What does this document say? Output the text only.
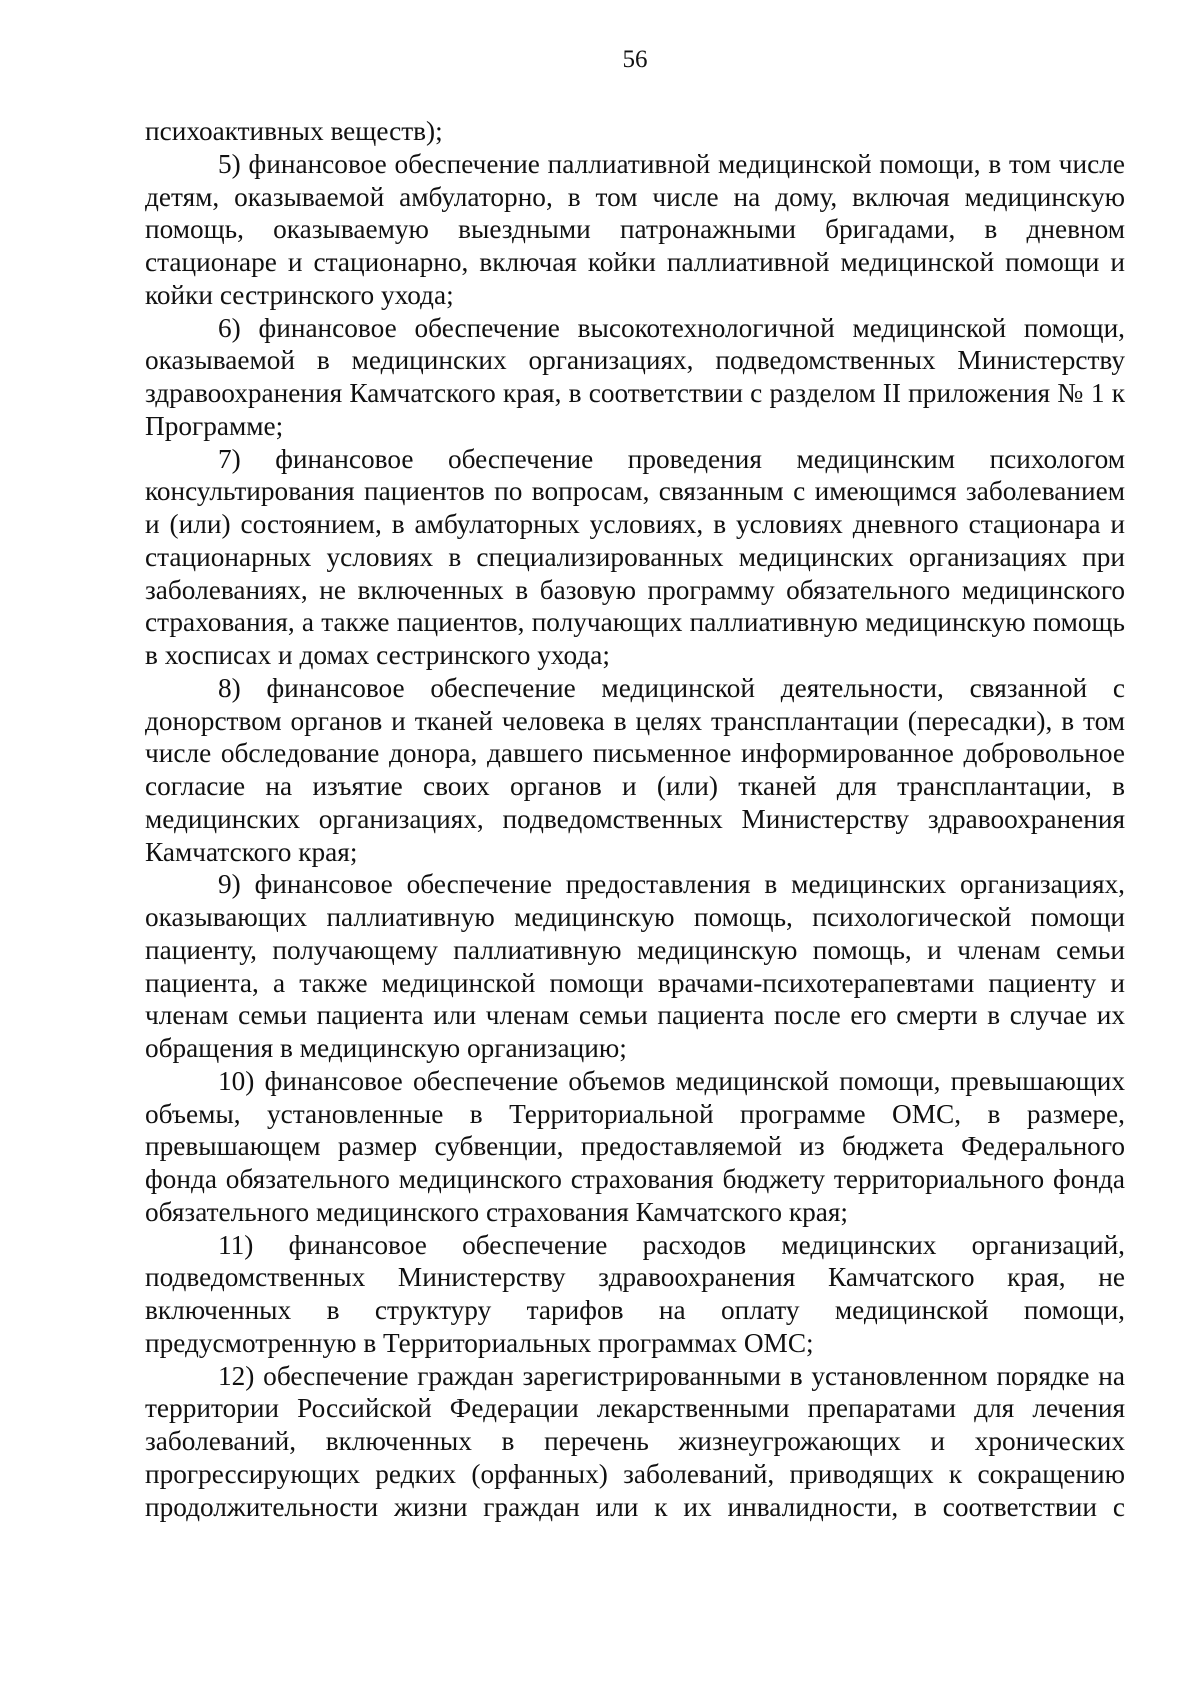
56

психоактивных веществ);

5) финансовое обеспечение паллиативной медицинской помощи, в том числе детям, оказываемой амбулаторно, в том числе на дому, включая медицинскую помощь, оказываемую выездными патронажными бригадами, в дневном стационаре и стационарно, включая койки паллиативной медицинской помощи и койки сестринского ухода;

6) финансовое обеспечение высокотехнологичной медицинской помощи, оказываемой в медицинских организациях, подведомственных Министерству здравоохранения Камчатского края, в соответствии с разделом II приложения № 1 к Программе;

7) финансовое обеспечение проведения медицинским психологом консультирования пациентов по вопросам, связанным с имеющимся заболеванием и (или) состоянием, в амбулаторных условиях, в условиях дневного стационара и стационарных условиях в специализированных медицинских организациях при заболеваниях, не включенных в базовую программу обязательного медицинского страхования, а также пациентов, получающих паллиативную медицинскую помощь в хосписах и домах сестринского ухода;

8) финансовое обеспечение медицинской деятельности, связанной с донорством органов и тканей человека в целях трансплантации (пересадки), в том числе обследование донора, давшего письменное информированное добровольное согласие на изъятие своих органов и (или) тканей для трансплантации, в медицинских организациях, подведомственных Министерству здравоохранения Камчатского края;

9) финансовое обеспечение предоставления в медицинских организациях, оказывающих паллиативную медицинскую помощь, психологической помощи пациенту, получающему паллиативную медицинскую помощь, и членам семьи пациента, а также медицинской помощи врачами-психотерапевтами пациенту и членам семьи пациента или членам семьи пациента после его смерти в случае их обращения в медицинскую организацию;

10) финансовое обеспечение объемов медицинской помощи, превышающих объемы, установленные в Территориальной программе ОМС, в размере, превышающем размер субвенции, предоставляемой из бюджета Федерального фонда обязательного медицинского страхования бюджету территориального фонда обязательного медицинского страхования Камчатского края;

11) финансовое обеспечение расходов медицинских организаций, подведомственных Министерству здравоохранения Камчатского края, не включенных в структуру тарифов на оплату медицинской помощи, предусмотренную в Территориальных программах ОМС;

12) обеспечение граждан зарегистрированными в установленном порядке на территории Российской Федерации лекарственными препаратами для лечения заболеваний, включенных в перечень жизнеугрожающих и хронических прогрессирующих редких (орфанных) заболеваний, приводящих к сокращению продолжительности жизни граждан или к их инвалидности, в соответствии с
